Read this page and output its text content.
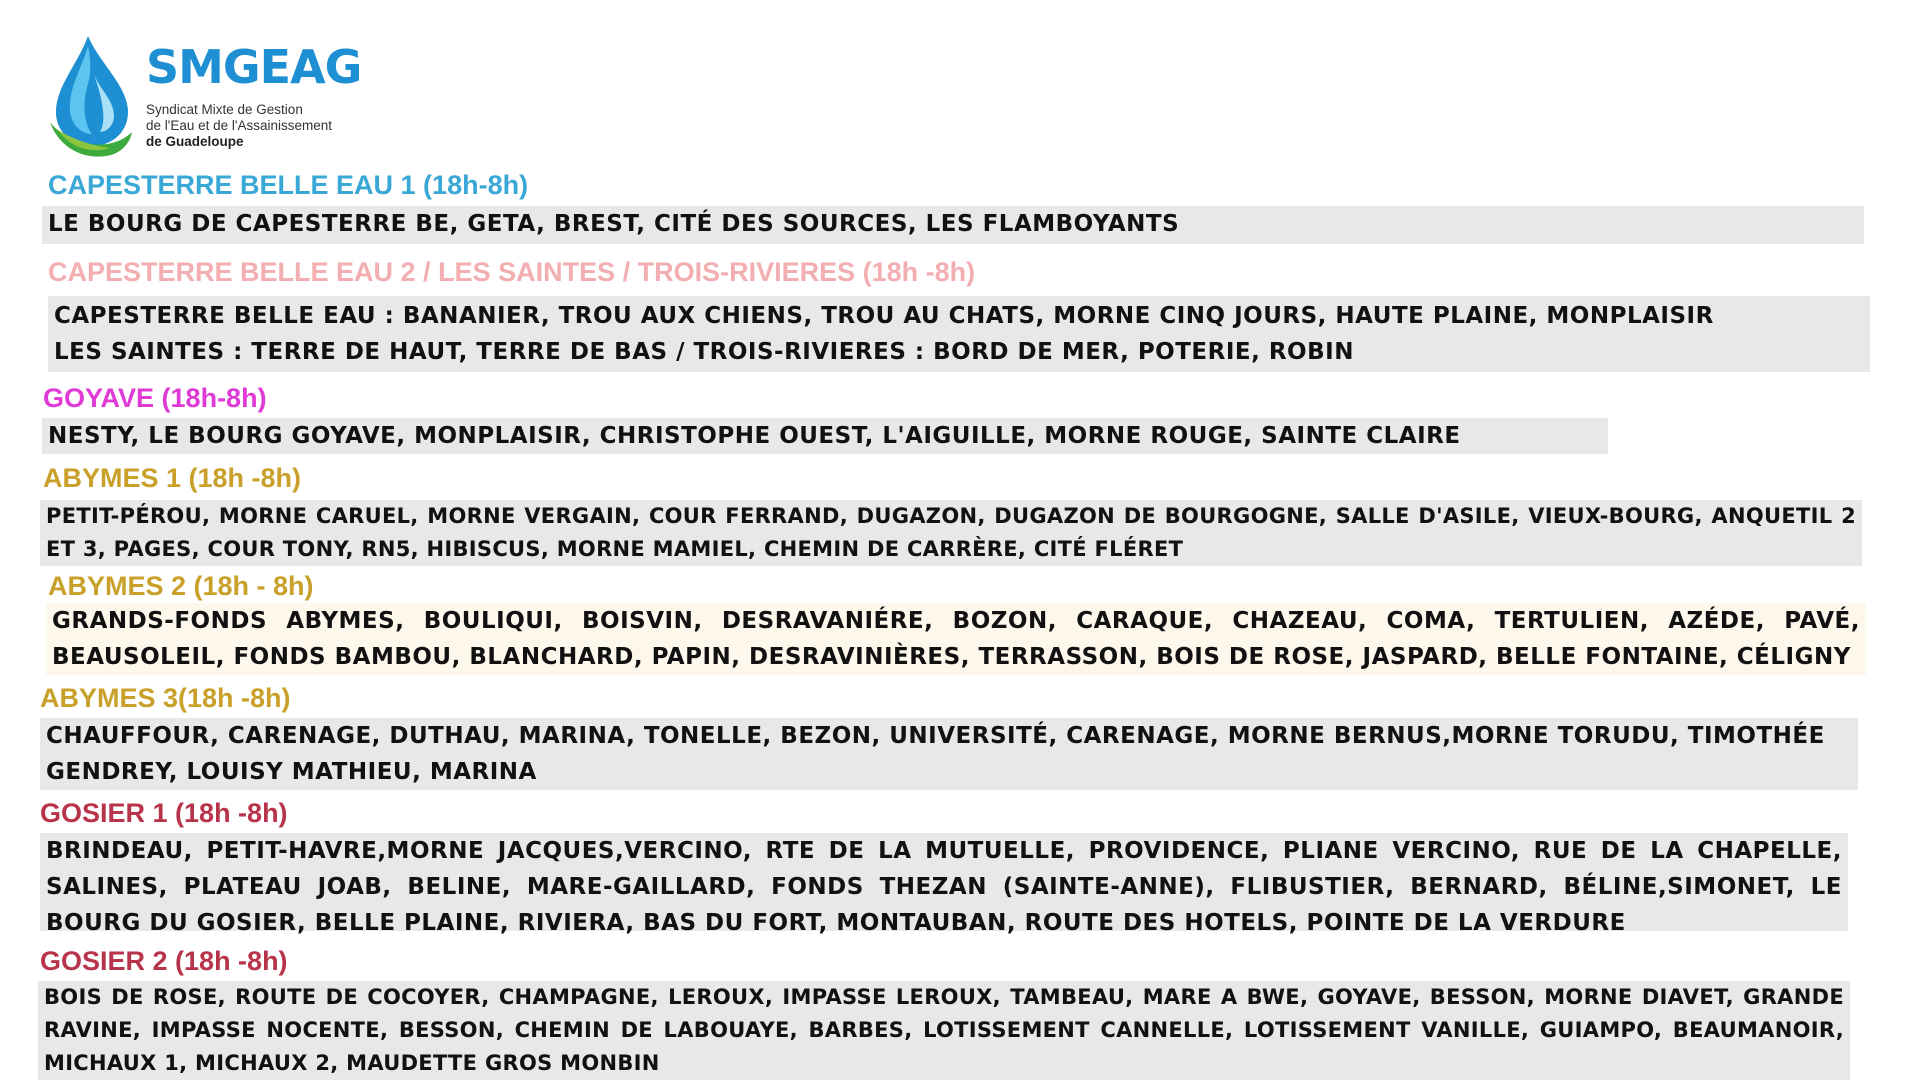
SMGEAG
Syndicat Mixte de Gestion
de l'Eau et de l'Assainissement
de Guadeloupe
CAPESTERRE BELLE EAU 1 (18h-8h)
LE BOURG DE CAPESTERRE BE, GETA, BREST, CITÉ DES SOURCES, LES FLAMBOYANTS
CAPESTERRE BELLE EAU 2 / LES SAINTES / TROIS-RIVIERES (18h -8h)
CAPESTERRE BELLE EAU : BANANIER, TROU AUX CHIENS, TROU AU CHATS, MORNE CINQ JOURS, HAUTE PLAINE, MONPLAISIR
LES SAINTES : TERRE DE HAUT, TERRE DE BAS / TROIS-RIVIERES : BORD DE MER, POTERIE, ROBIN
GOYAVE (18h-8h)
NESTY, LE BOURG GOYAVE, MONPLAISIR, CHRISTOPHE OUEST, L'AIGUILLE, MORNE ROUGE, SAINTE CLAIRE
ABYMES 1 (18h -8h)
PETIT-PÉROU, MORNE CARUEL, MORNE VERGAIN, COUR FERRAND, DUGAZON, DUGAZON DE BOURGOGNE, SALLE D'ASILE, VIEUX-BOURG, ANQUETIL 2 ET 3, PAGES, COUR TONY, RN5, HIBISCUS, MORNE MAMIEL, CHEMIN DE CARRÈRE, CITÉ FLÉRET
ABYMES 2 (18h - 8h)
GRANDS-FONDS ABYMES, BOULIQUI, BOISVIN, DESRAVANIÉRE, BOZON, CARAQUE, CHAZEAU, COMA, TERTULIEN, AZÉDE, PAVÉ, BEAUSOLEIL, FONDS BAMBOU, BLANCHARD, PAPIN, DESRAVINIÈRES, TERRASSON, BOIS DE ROSE, JASPARD, BELLE FONTAINE, CÉLIGNY
ABYMES 3(18h -8h)
CHAUFFOUR, CARENAGE, DUTHAU, MARINA, TONELLE, BEZON, UNIVERSITÉ, CARENAGE, MORNE BERNUS,MORNE TORUDU, TIMOTHÉE GENDREY, LOUISY MATHIEU, MARINA
GOSIER 1 (18h -8h)
BRINDEAU, PETIT-HAVRE,MORNE JACQUES,VERCINO, RTE DE LA MUTUELLE, PROVIDENCE, PLIANE VERCINO, RUE DE LA CHAPELLE, SALINES, PLATEAU JOAB, BELINE, MARE-GAILLARD, FONDS THEZAN (SAINTE-ANNE), FLIBUSTIER, BERNARD, BÉLINE,SIMONET, LE BOURG DU GOSIER, BELLE PLAINE, RIVIERA, BAS DU FORT, MONTAUBAN, ROUTE DES HOTELS, POINTE DE LA VERDURE
GOSIER 2 (18h -8h)
BOIS DE ROSE, ROUTE DE COCOYER, CHAMPAGNE, LEROUX, IMPASSE LEROUX, TAMBEAU, MARE A BWE, GOYAVE, BESSON, MORNE DIAVET, GRANDE RAVINE, IMPASSE NOCENTE, BESSON, CHEMIN DE LABOUAYE, BARBES, LOTISSEMENT CANNELLE, LOTISSEMENT VANILLE, GUIAMPO, BEAUMANOIR, MICHAUX 1, MICHAUX 2, MAUDETTE GROS MONBIN
